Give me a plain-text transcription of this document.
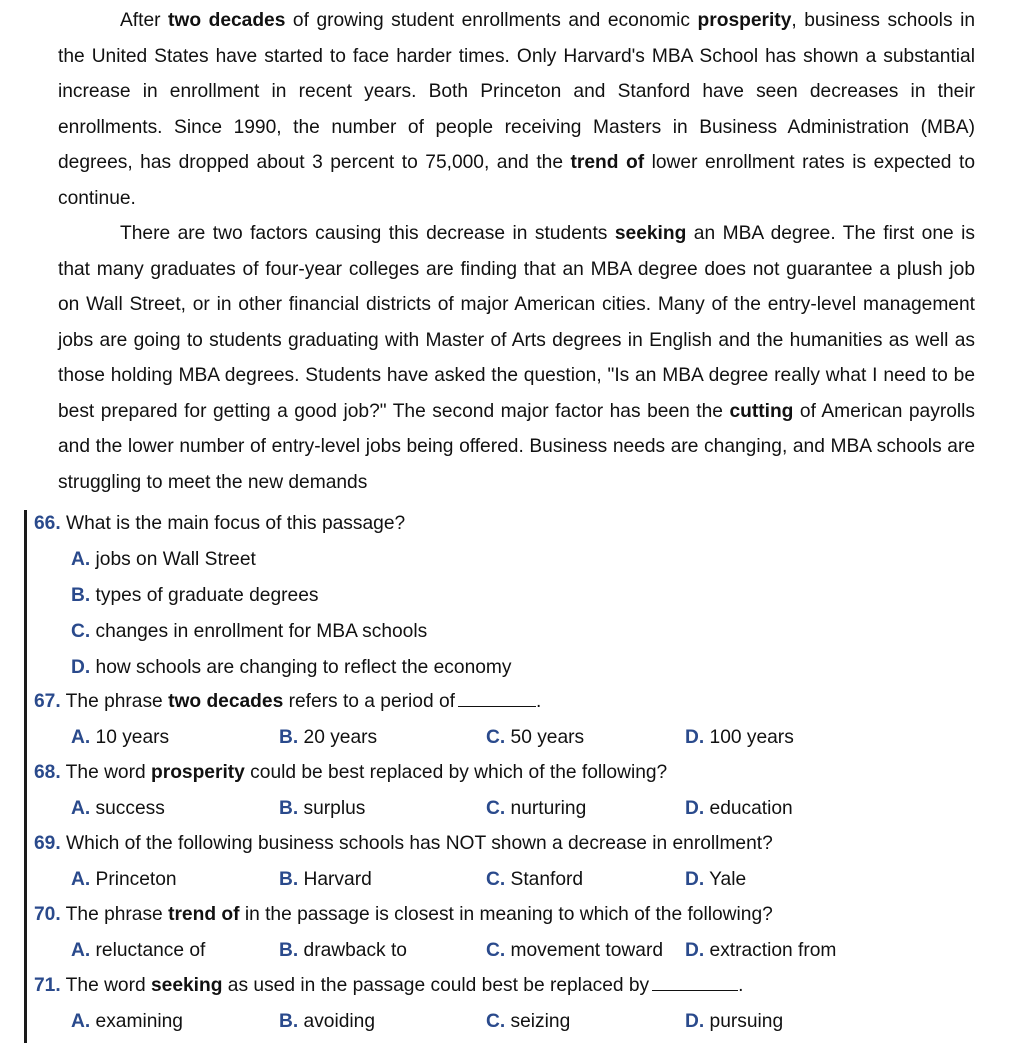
After two decades of growing student enrollments and economic prosperity, business schools in the United States have started to face harder times. Only Harvard's MBA School has shown a substantial increase in enrollment in recent years. Both Princeton and Stanford have seen decreases in their enrollments. Since 1990, the number of people receiving Masters in Business Administration (MBA) degrees, has dropped about 3 percent to 75,000, and the trend of lower enrollment rates is expected to continue.

There are two factors causing this decrease in students seeking an MBA degree. The first one is that many graduates of four-year colleges are finding that an MBA degree does not guarantee a plush job on Wall Street, or in other financial districts of major American cities. Many of the entry-level management jobs are going to students graduating with Master of Arts degrees in English and the humanities as well as those holding MBA degrees. Students have asked the question, "Is an MBA degree really what I need to be best prepared for getting a good job?" The second major factor has been the cutting of American payrolls and the lower number of entry-level jobs being offered. Business needs are changing, and MBA schools are struggling to meet the new demands

66. What is the main focus of this passage?
A. jobs on Wall Street
B. types of graduate degrees
C. changes in enrollment for MBA schools
D. how schools are changing to reflect the economy
67. The phrase two decades refers to a period of	.
A. 10 years	B. 20 years	C. 50 years	D. 100 years
68. The word prosperity could be best replaced by which of the following?
A. success	B. surplus	C. nurturing	D. education
69. Which of the following business schools has NOT shown a decrease in enrollment?
A. Princeton	B. Harvard	C. Stanford	D. Yale
70. The phrase trend of in the passage is closest in meaning to which of the following?
A. reluctance of	B. drawback to	C. movement toward D. extraction from
71. The word seeking as used in the passage could best be replaced by	.
A. examining	B. avoiding	C. seizing	D. pursuing
